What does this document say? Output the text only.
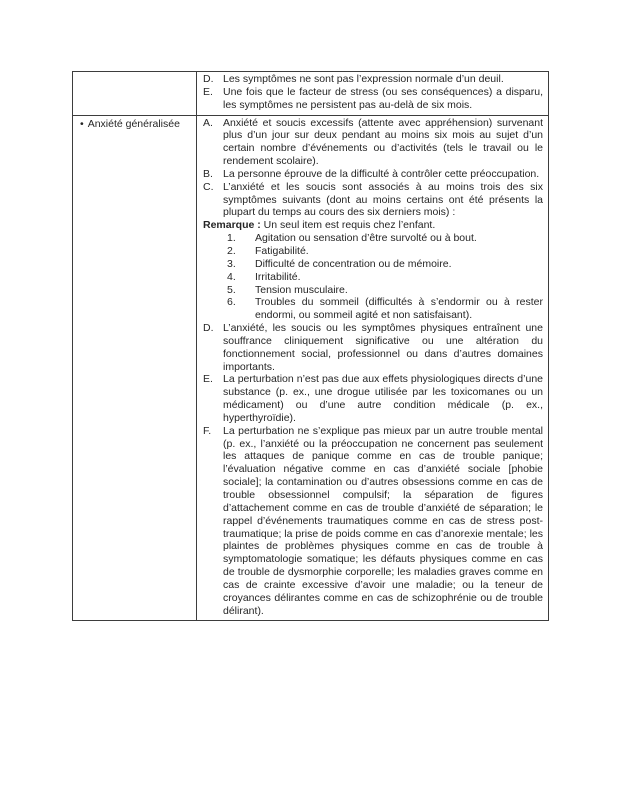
D. Les symptômes ne sont pas l’expression normale d’un deuil.

E. Une fois que le facteur de stress (ou ses conséquences) a disparu, les symptômes ne persistent pas au-delà de six mois.

• Anxiété généralisée	A. Anxiété et soucis excessifs (attente avec appréhension) survenant plus d’un jour sur deux pendant au moins six mois au sujet d’un certain nombre d’événements ou d’activités (tels le travail ou le rendement scolaire).

B. La personne éprouve de la difficulté à contrôler cette préoccupation.

C. L’anxiété et les soucis sont associés à au moins trois des six symptômes suivants (dont au moins certains ont été présents la plupart du temps au cours des six derniers mois) :

Remarque : Un seul item est requis chez l’enfant.

1. Agitation ou sensation d’être survolté ou à bout.

2. Fatigabilité.

3. Difficulté de concentration ou de mémoire.

4. Irritabilité.

5. Tension musculaire.

6. Troubles du sommeil (difficultés à s’endormir ou à rester endormi, ou sommeil agité et non satisfaisant).

D. L’anxiété, les soucis ou les symptômes physiques entraînent une souffrance cliniquement significative ou une altération du fonctionnement social, professionnel ou dans d’autres domaines importants.

E. La perturbation n’est pas due aux effets physiologiques directs d’une substance (p. ex., une drogue utilisée par les toxicomanes ou un médicament) ou d’une autre condition médicale (p. ex., hyperthyroïdie).

F. La perturbation ne s’explique pas mieux par un autre trouble mental (p. ex., l’anxiété ou la préoccupation ne concernent pas seulement les attaques de panique comme en cas de trouble panique; l’évaluation négative comme en cas d’anxiété sociale [phobie sociale]; la contamination ou d’autres obsessions comme en cas de trouble obsessionnel compulsif; la séparation de figures d’attachement comme en cas de trouble d’anxiété de séparation; le rappel d’événements traumatiques comme en cas de stress post-traumatique; la prise de poids comme en cas d’anorexie mentale; les plaintes de problèmes physiques comme en cas de trouble à symptomatologie somatique; les défauts physiques comme en cas de trouble de dysmorphie corporelle; les maladies graves comme en cas de crainte excessive d’avoir une maladie; ou la teneur de croyances délirantes comme en cas de schizophrénie ou de trouble délirant).
